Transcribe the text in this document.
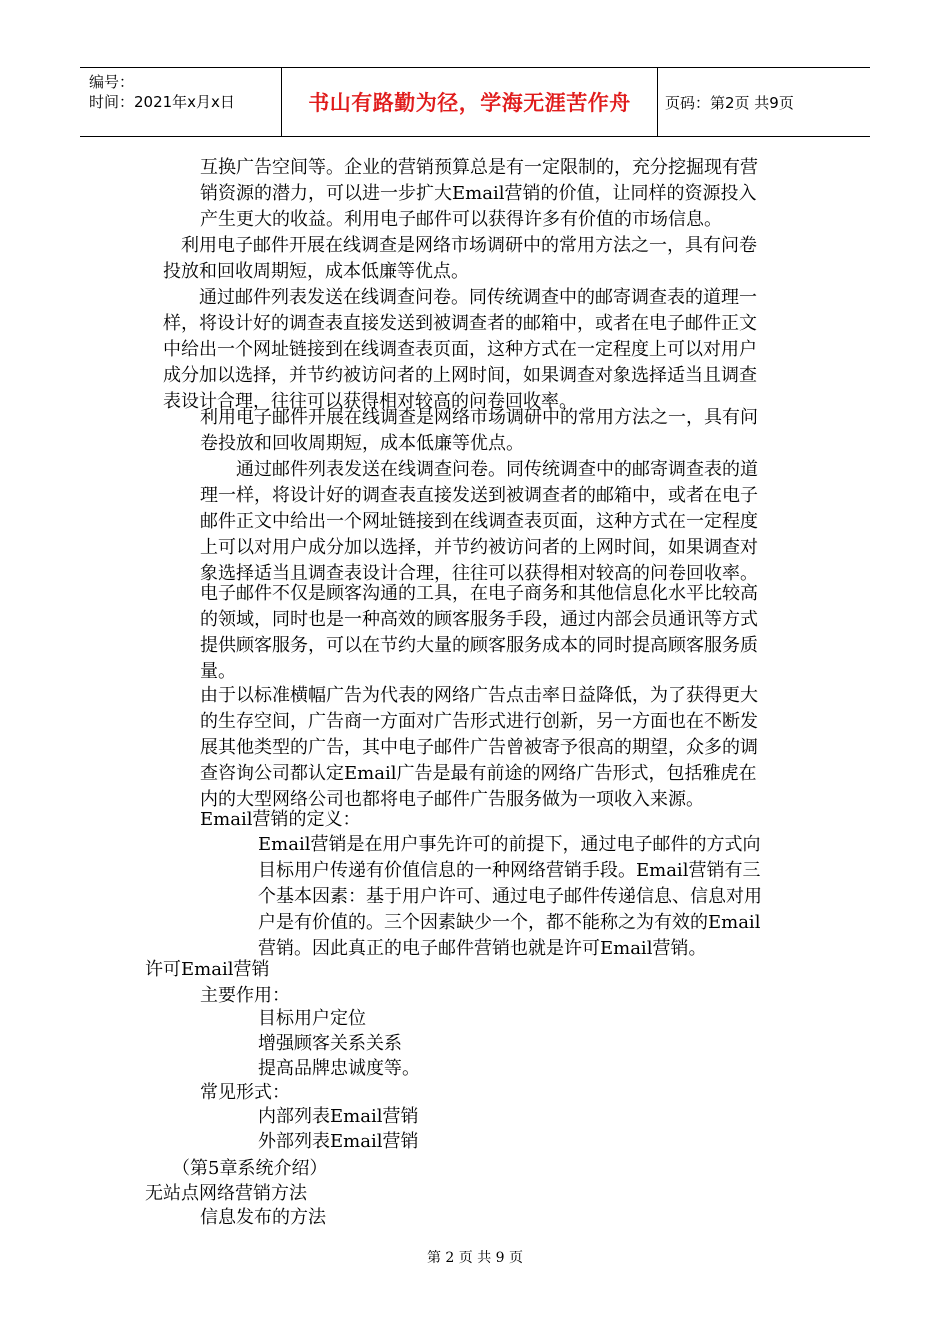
编号：
时间：2021年x月x日	书山有路勤为径，学海无涯苦作舟 页码：第2页 共9页
互换广告空间等。企业的营销预算总是有一定限制的，充分挖掘现有营
销资源的潜力，可以进一步扩大Email营销的价值，让同样的资源投入
产生更大的收益。利用电子邮件可以获得许多有价值的市场信息。
利用电子邮件开展在线调查是网络市场调研中的常用方法之一，具有问卷
投放和回收周期短，成本低廉等优点。
通过邮件列表发送在线调查问卷。同传统调查中的邮寄调查表的道理一
样，将设计好的调查表直接发送到被调查者的邮箱中，或者在电子邮件正文
中给出一个网址链接到在线调查表页面，这种方式在一定程度上可以对用户
成分加以选择，并节约被访问者的上网时间，如果调查对象选择适当且调查
表设计合理，往往可以获得相对较高的问卷回收率。
利用电子邮件开展在线调查是网络市场调研中的常用方法之一，具有问
卷投放和回收周期短，成本低廉等优点。
通过邮件列表发送在线调查问卷。同传统调查中的邮寄调查表的道
理一样，将设计好的调查表直接发送到被调查者的邮箱中，或者在电子
邮件正文中给出一个网址链接到在线调查表页面，这种方式在一定程度
上可以对用户成分加以选择，并节约被访问者的上网时间，如果调查对
象选择适当且调查表设计合理，往往可以获得相对较高的问卷回收率。
电子邮件不仅是顾客沟通的工具，在电子商务和其他信息化水平比较高
的领域，同时也是一种高效的顾客服务手段，通过内部会员通讯等方式
提供顾客服务，可以在节约大量的顾客服务成本的同时提高顾客服务质
量。
由于以标准横幅广告为代表的网络广告点击率日益降低，为了获得更大
的生存空间，广告商一方面对广告形式进行创新，另一方面也在不断发
展其他类型的广告，其中电子邮件广告曾被寄予很高的期望，众多的调
查咨询公司都认定Email广告是最有前途的网络广告形式，包括雅虎在
内的大型网络公司也都将电子邮件广告服务做为一项收入来源。
Email营销的定义：
Email营销是在用户事先许可的前提下，通过电子邮件的方式向
目标用户传递有价值信息的一种网络营销手段。Email营销有三
个基本因素：基于用户许可、通过电子邮件传递信息、信息对用
户是有价值的。三个因素缺少一个，都不能称之为有效的Email
营销。因此真正的电子邮件营销也就是许可Email营销。
许可Email营销
主要作用：
目标用户定位
增强顾客关系关系
提高品牌忠诚度等。
常见形式：
内部列表Email营销
外部列表Email营销
（第5章系统介绍）
无站点网络营销方法
信息发布的方法
第 2 页 共 9 页
